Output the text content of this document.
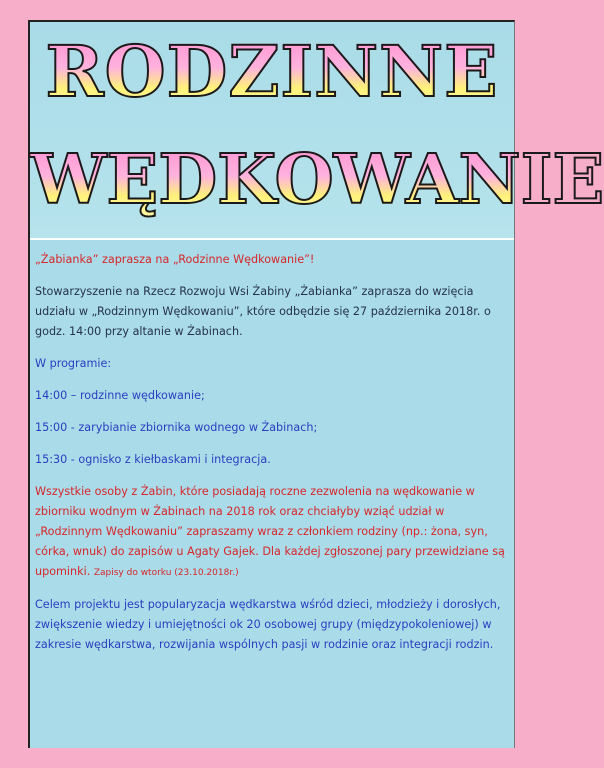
RODZINNE
WĘDKOWANIE

„Żabianka” zaprasza na „Rodzinne Wędkowanie”!

Stowarzyszenie na Rzecz Rozwoju Wsi Żabiny „Żabianka” zaprasza do wzięcia udziału w „Rodzinnym Wędkowaniu”, które odbędzie się 27 października 2018r. o godz. 14:00 przy altanie w Żabinach.

W programie:

14:00 – rodzinne wędkowanie;

15:00 - zarybianie zbiornika wodnego w Żabinach;

15:30 - ognisko z kiełbaskami i integracja.

Wszystkie osoby z Żabin, które posiadają roczne zezwolenia na wędkowanie w zbiorniku wodnym w Żabinach na 2018 rok oraz chciałyby wziąć udział w „Rodzinnym Wędkowaniu” zapraszamy wraz z członkiem rodziny (np.: żona, syn, córka, wnuk) do zapisów u Agaty Gajek. Dla każdej zgłoszonej pary przewidziane są upominki. Zapisy do wtorku (23.10.2018r.)

Celem projektu jest popularyzacja wędkarstwa wśród dzieci, młodzieży i dorosłych, zwiększenie wiedzy i umiejętności ok 20 osobowej grupy (międzypokoleniowej) w zakresie wędkarstwa, rozwijania wspólnych pasji w rodzinie oraz integracji rodzin.
